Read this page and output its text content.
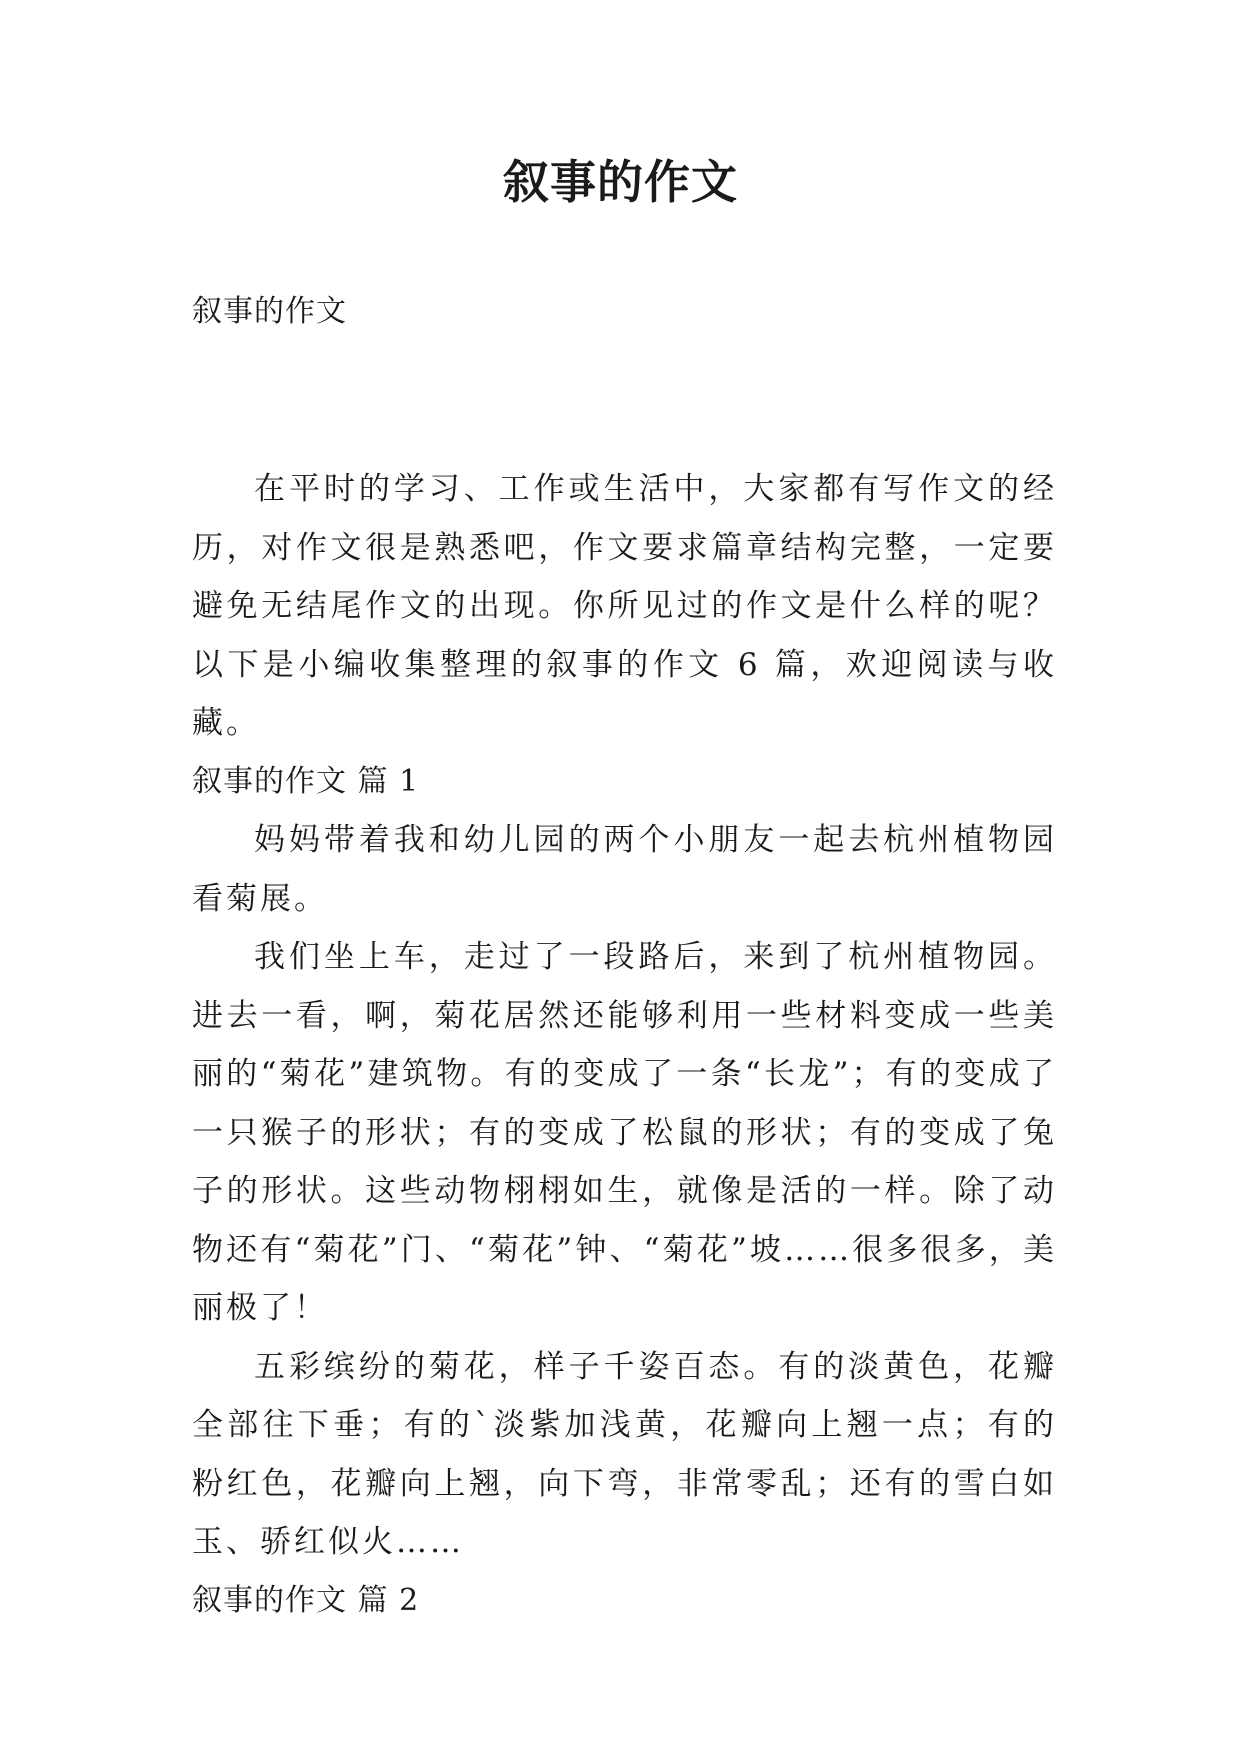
叙事的作文
叙事的作文

在平时的学习、工作或生活中，大家都有写作文的经历，对作文很是熟悉吧，作文要求篇章结构完整，一定要避免无结尾作文的出现。你所见过的作文是什么样的呢？以下是小编收集整理的叙事的作文 6 篇，欢迎阅读与收藏。

叙事的作文 篇 1

妈妈带着我和幼儿园的两个小朋友一起去杭州植物园看菊展。

我们坐上车，走过了一段路后，来到了杭州植物园。进去一看，啊，菊花居然还能够利用一些材料变成一些美丽的“菊花”建筑物。有的变成了一条“长龙”；有的变成了一只猴子的形状；有的变成了松鼠的形状；有的变成了兔子的形状。这些动物栩栩如生，就像是活的一样。除了动物还有“菊花”门、“菊花”钟、“菊花”坡……很多很多，美丽极了！

五彩缤纷的菊花，样子千姿百态。有的淡黄色，花瓣全部往下垂；有的`淡紫加浅黄，花瓣向上翘一点；有的粉红色，花瓣向上翘，向下弯，非常零乱；还有的雪白如玉、骄红似火……

叙事的作文 篇 2
